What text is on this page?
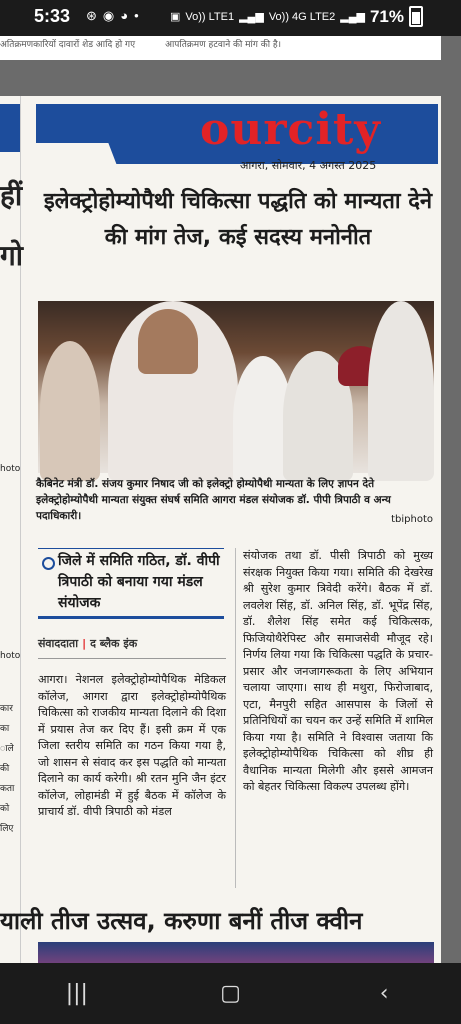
5:33 ⊛ ◉ ◕ •	▣ Vo)) LTE1 ▂▄▆ Vo)) 4G LTE2 ▂▄▆ 71%
अतिक्रमणकारियों दावारों शेड आदि हो गए	आपतिक्रमण हटवाने की मांग की है।
हीं
गो
hoto
hoto
कार
का
ाले
की
कता
को
लिए
ourcity
आगरा, सोमवार, 4 अगस्त 2025
इलेक्ट्रोहोम्योपैथी चिकित्सा पद्धति को मान्यता देने की मांग तेज, कई सदस्य मनोनीत
कैबिनेट मंत्री डॉ. संजय कुमार निषाद जी को इलेक्ट्रो होम्योपैथी मान्यता के लिए ज्ञापन देते इलेक्ट्रोहोम्योपैथी मान्यता संयुक्त संघर्ष समिति आगरा मंडल संयोजक डॉ. पीपी त्रिपाठी व अन्य पदाधिकारी।	tbiphoto
जिले में समिति गठित, डॉ. वीपी त्रिपाठी को बनाया गया मंडल संयोजक
संवाददाता | द ब्लैक इंक
आगरा। नेशनल इलेक्ट्रोहोम्योपैथिक मेडिकल कॉलेज, आगरा द्वारा इलेक्ट्रोहोम्योपैथिक चिकित्सा को राजकीय मान्यता दिलाने की दिशा में प्रयास तेज कर दिए हैं। इसी क्रम में एक जिला स्तरीय समिति का गठन किया गया है, जो शासन से संवाद कर इस पद्धति को मान्यता दिलाने का कार्य करेगी। श्री रतन मुनि जैन इंटर कॉलेज, लोहामंडी में हुई बैठक में कॉलेज के प्राचार्य डॉ. वीपी त्रिपाठी को मंडल
संयोजक तथा डॉ. पीसी त्रिपाठी को मुख्य संरक्षक नियुक्त किया गया। समिति की देखरेख श्री सुरेश कुमार त्रिवेदी करेंगे। बैठक में डॉ. लवलेश सिंह, डॉ. अनिल सिंह, डॉ. भूपेंद्र सिंह, डॉ. शैलेश सिंह समेत कई चिकित्सक, फिजियोथैरेपिस्ट और समाजसेवी मौजूद रहे। निर्णय लिया गया कि चिकित्सा पद्धति के प्रचार-प्रसार और जनजागरूकता के लिए अभियान चलाया जाएगा। साथ ही मथुरा, फिरोजाबाद, एटा, मैनपुरी सहित आसपास के जिलों से प्रतिनिधियों का चयन कर उन्हें समिति में शामिल किया गया है। समिति ने विश्वास जताया कि इलेक्ट्रोहोम्योपैथिक चिकित्सा को शीघ्र ही वैधानिक मान्यता मिलेगी और इससे आमजन को बेहतर चिकित्सा विकल्प उपलब्ध होंगे।
याली तीज उत्सव, करुणा बनीं तीज क्वीन
|||	▢	‹
